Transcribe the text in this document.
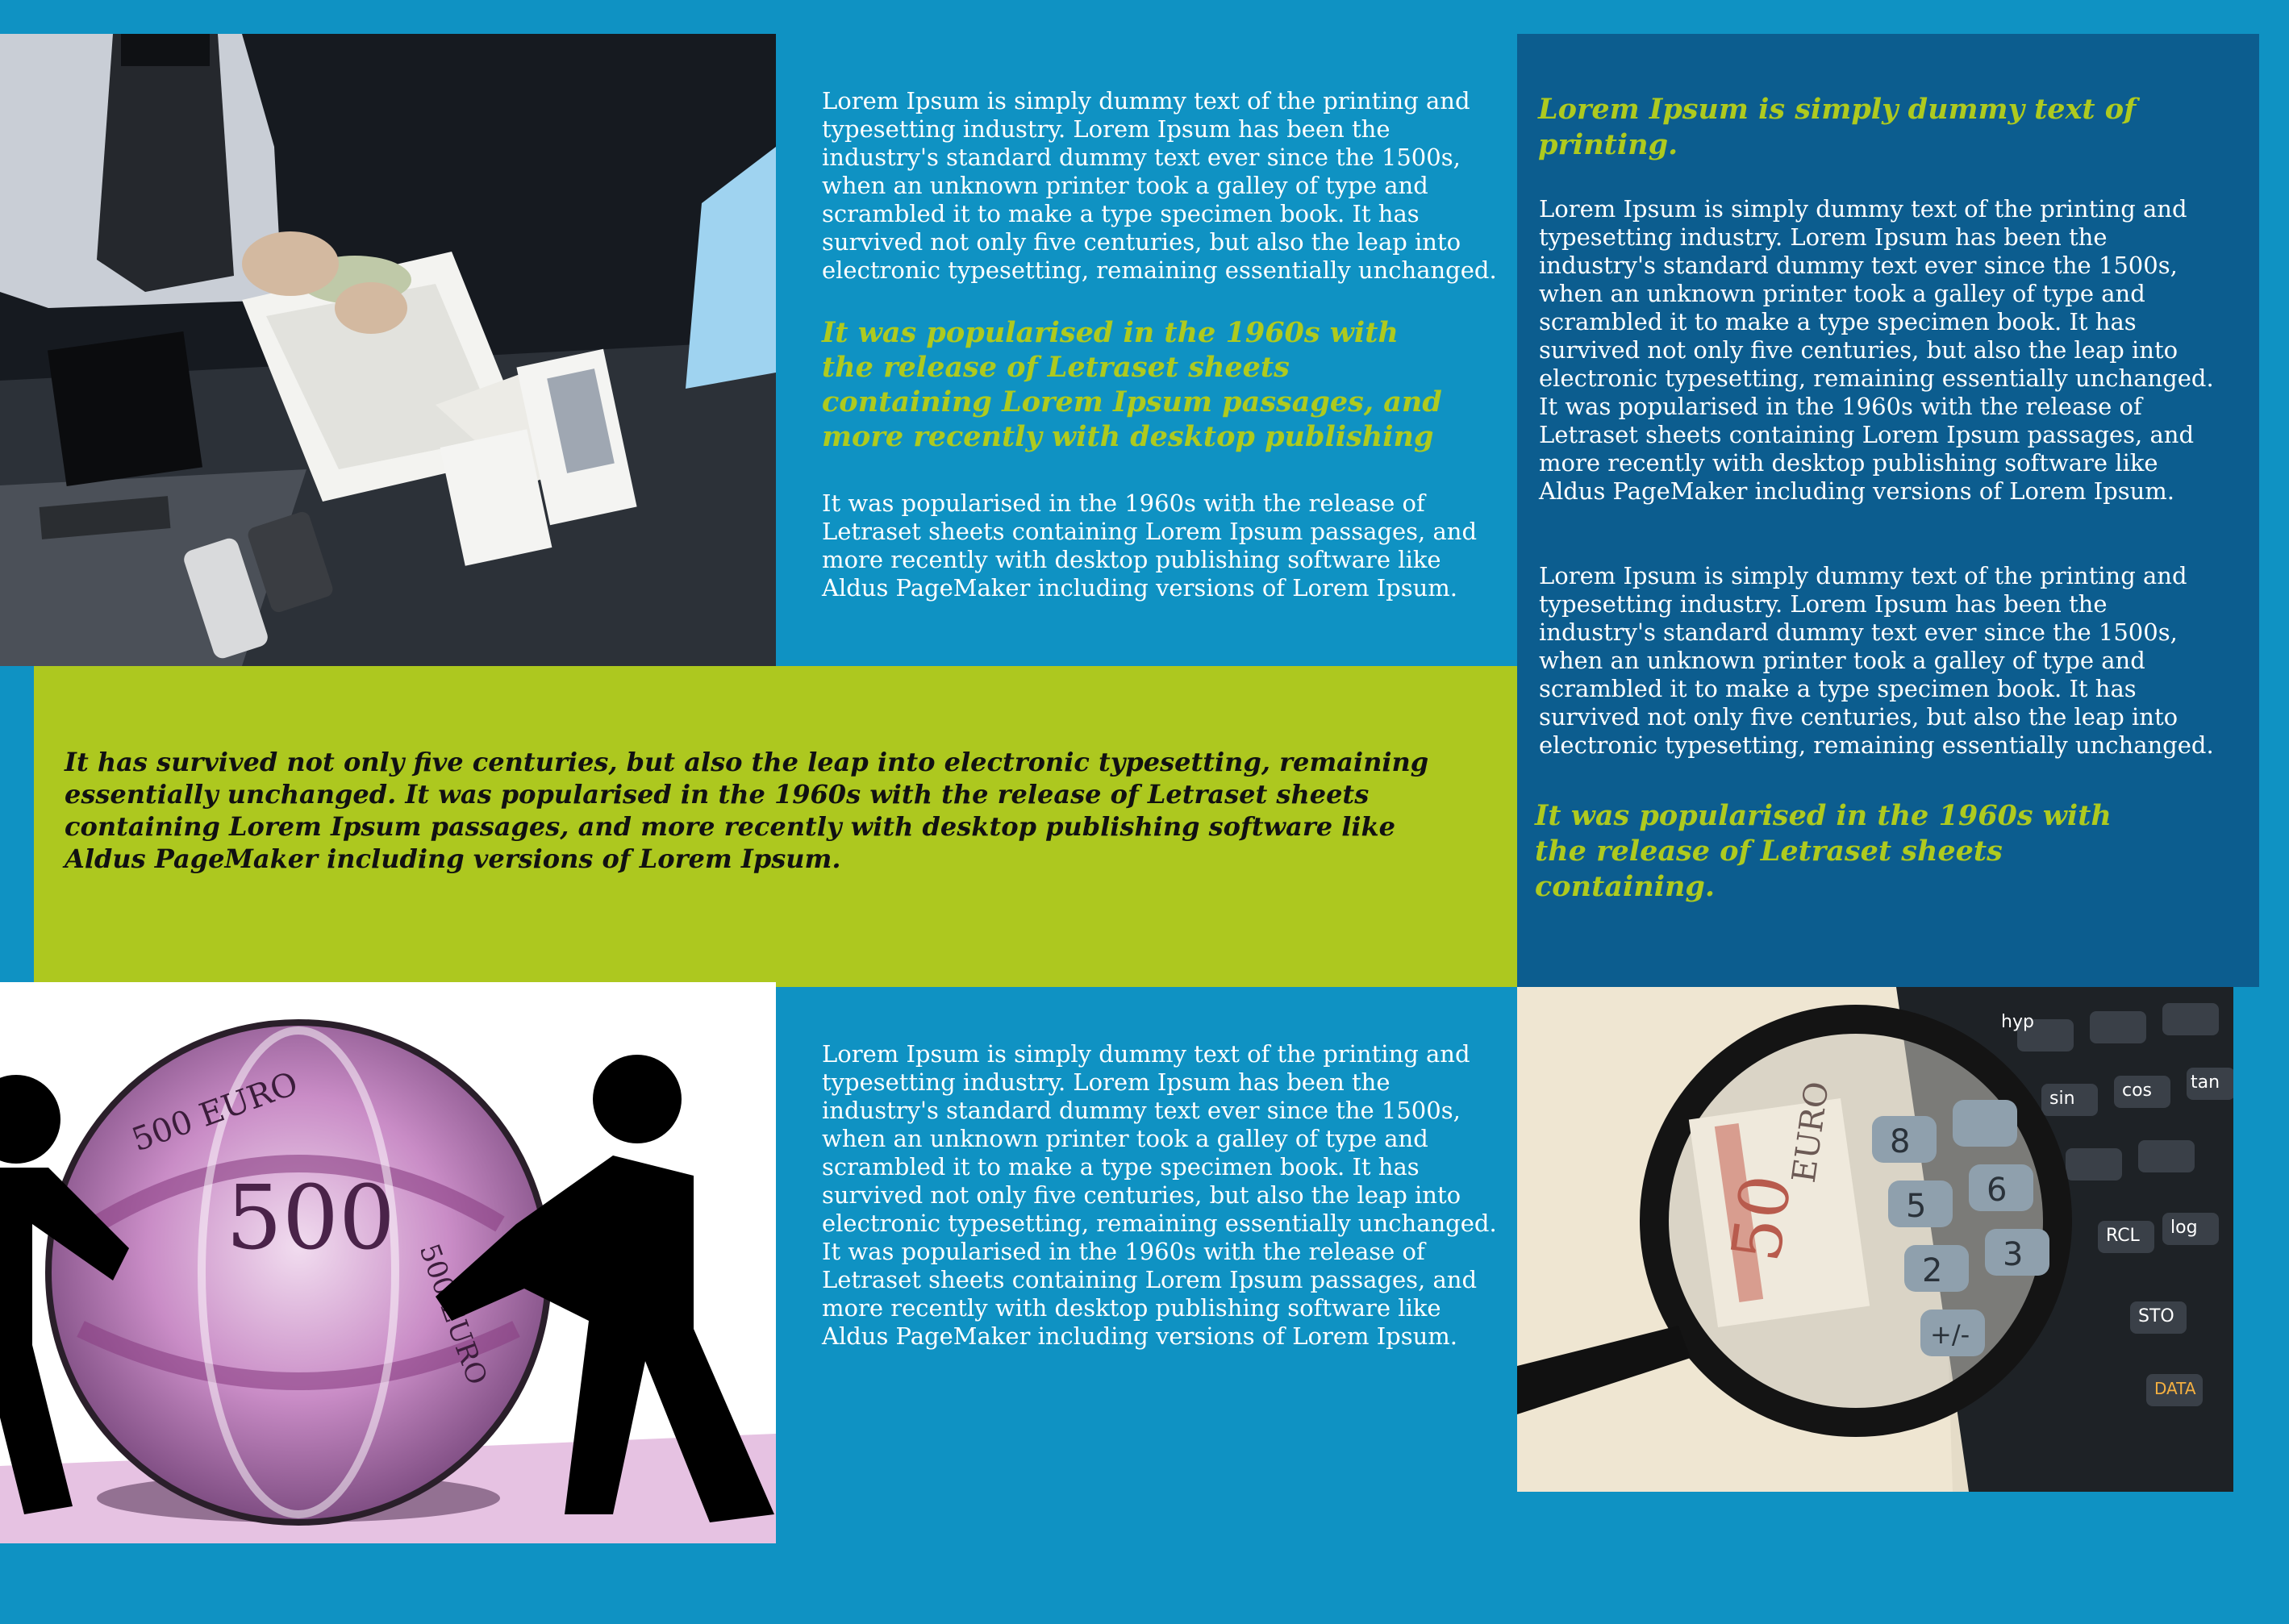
Lorem Ipsum is simply dummy text of the printing and typesetting industry. Lorem Ipsum has been the industry's standard dummy text ever since the 1500s, when an unknown printer took a galley of type and scrambled it to make a type specimen book. It has survived not only five centuries, but also the leap into electronic typesetting, remaining essentially unchanged.

It was popularised in the 1960s with the release of Letraset sheets containing Lorem Ipsum passages, and more recently with desktop publishing

It was popularised in the 1960s with the release of Letraset sheets containing Lorem Ipsum passages, and more recently with desktop publishing software like Aldus PageMaker including versions of Lorem Ipsum.

Lorem Ipsum is simply dummy text of printing.

Lorem Ipsum is simply dummy text of the printing and typesetting industry. Lorem Ipsum has been the industry's standard dummy text ever since the 1500s, when an unknown printer took a galley of type and scrambled it to make a type specimen book. It has survived not only five centuries, but also the leap into electronic typesetting, remaining essentially unchanged. It was popularised in the 1960s with the release of Letraset sheets containing Lorem Ipsum passages, and more recently with desktop publishing software like Aldus PageMaker including versions of Lorem Ipsum.

Lorem Ipsum is simply dummy text of the printing and typesetting industry. Lorem Ipsum has been the industry's standard dummy text ever since the 1500s, when an unknown printer took a galley of type and scrambled it to make a type specimen book. It has survived not only five centuries, but also the leap into electronic typesetting, remaining essentially unchanged.

It was popularised in the 1960s with the release of Letraset sheets containing.

It has survived not only five centuries, but also the leap into electronic typesetting, remaining essentially unchanged. It was popularised in the 1960s with the release of Letraset sheets containing Lorem Ipsum passages, and more recently with desktop publishing software like Aldus PageMaker including versions of Lorem Ipsum.

500 EURO
500
500 EURO

Lorem Ipsum is simply dummy text of the printing and typesetting industry. Lorem Ipsum has been the industry's standard dummy text ever since the 1500s, when an unknown printer took a galley of type and scrambled it to make a type specimen book. It has survived not only five centuries, but also the leap into electronic typesetting, remaining essentially unchanged. It was popularised in the 1960s with the release of Letraset sheets containing Lorem Ipsum passages, and more recently with desktop publishing software like Aldus PageMaker including versions of Lorem Ipsum.

hyp
sin	cos tan
log
RCL
STO
DATA
50
EURO 8
5 6
2 3
+/-
